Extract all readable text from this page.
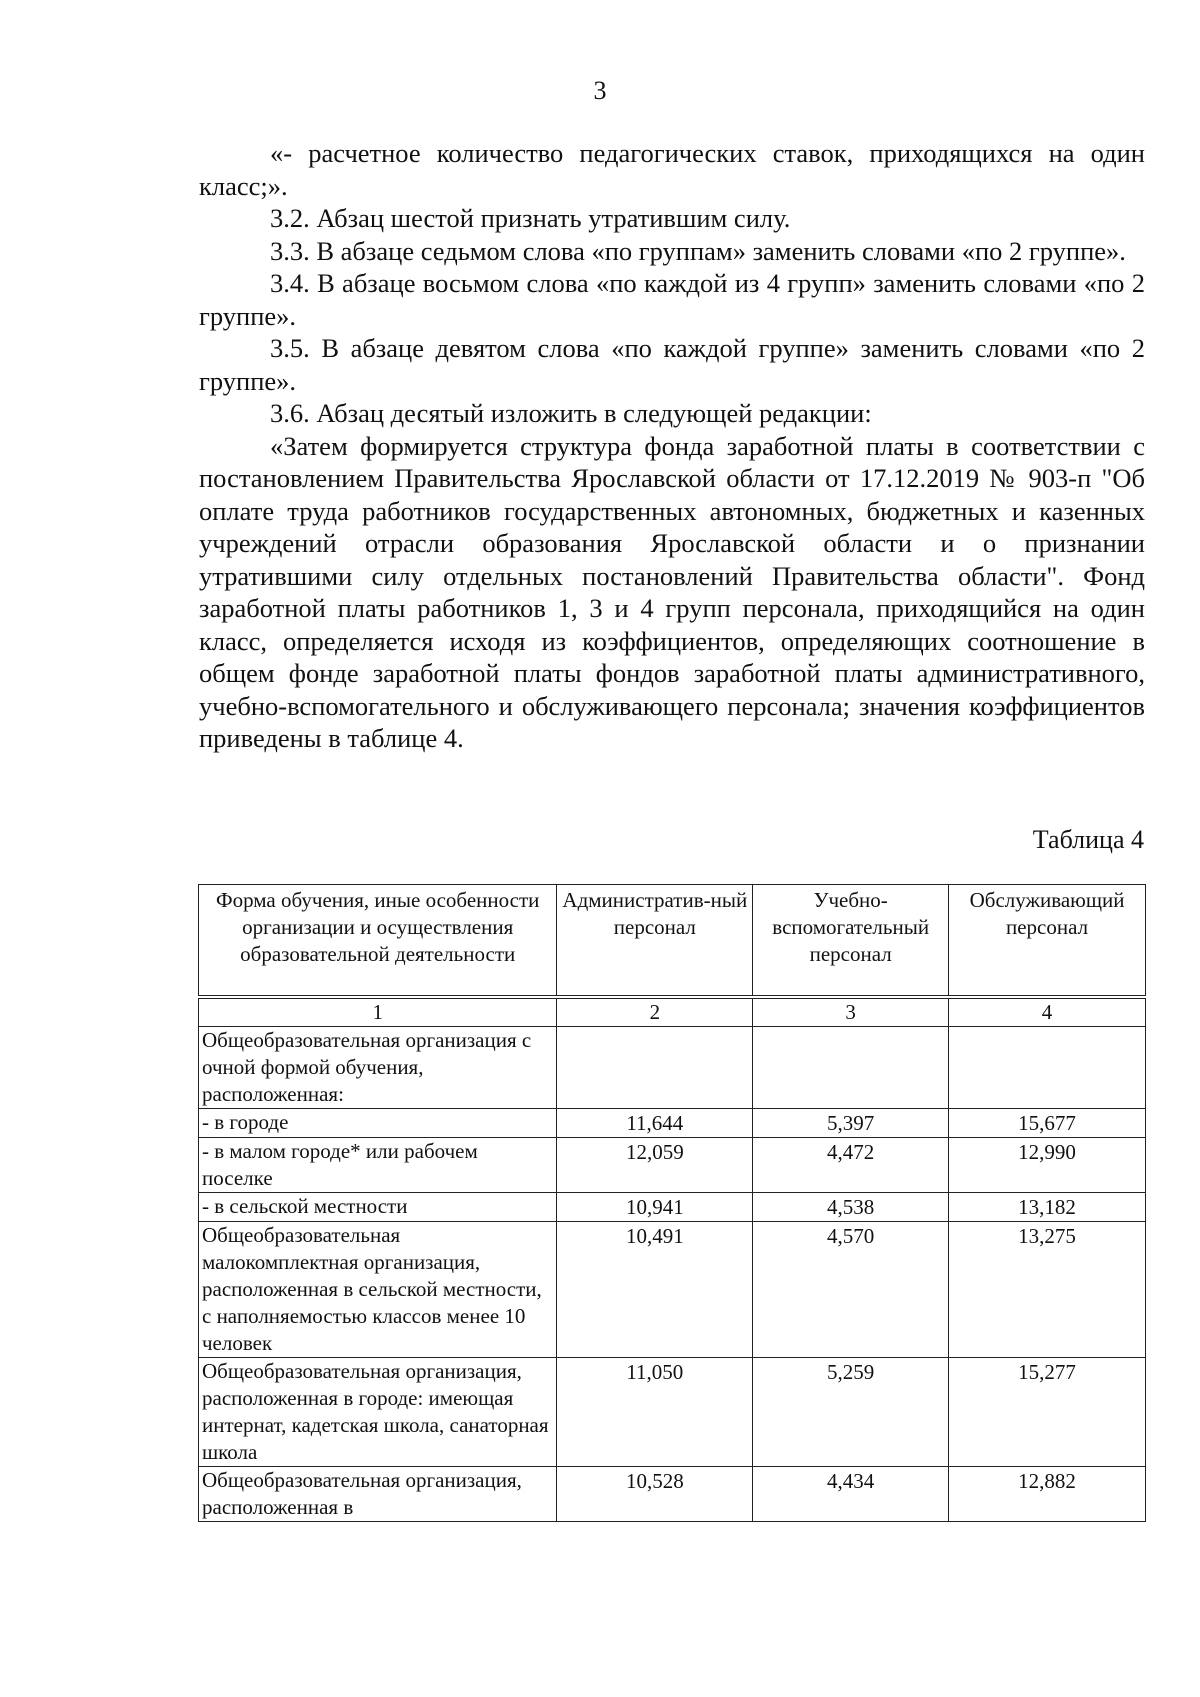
3

«- расчетное количество педагогических ставок, приходящихся на один класс;».

3.2. Абзац шестой признать утратившим силу.

3.3. В абзаце седьмом слова «по группам» заменить словами «по 2 группе».

3.4. В абзаце восьмом слова «по каждой из 4 групп» заменить словами «по 2 группе».

3.5. В абзаце девятом слова «по каждой группе» заменить словами «по 2 группе».

3.6. Абзац десятый изложить в следующей редакции:

«Затем формируется структура фонда заработной платы в соответствии с постановлением Правительства Ярославской области от 17.12.2019 № 903-п "Об оплате труда работников государственных автономных, бюджетных и казенных учреждений отрасли образования Ярославской области и о признании утратившими силу отдельных постановлений Правительства области". Фонд заработной платы работников 1, 3 и 4 групп персонала, приходящийся на один класс, определяется исходя из коэффициентов, определяющих соотношение в общем фонде заработной платы фондов заработной платы административного, учебно-вспомогательного и обслуживающего персонала; значения коэффициентов приведены в таблице 4.

Таблица 4
Форма обучения, иные особенности организации и осуществления образовательной деятельности	Административ-ный персонал	Учебно-вспомогательный персонал	Обслуживающий персонал
1	2	3	4
Общеобразовательная организация с очной формой обучения, расположенная:			
- в городе	11,644	5,397	15,677
- в малом городе* или рабочем поселке	12,059	4,472	12,990
- в сельской местности	10,941	4,538	13,182
Общеобразовательная малокомплектная организация, расположенная в сельской местности, с наполняемостью классов менее 10 человек	10,491	4,570	13,275
Общеобразовательная организация, расположенная в городе: имеющая интернат, кадетская школа, санаторная школа	11,050	5,259	15,277
Общеобразовательная организация, расположенная в	10,528	4,434	12,882
